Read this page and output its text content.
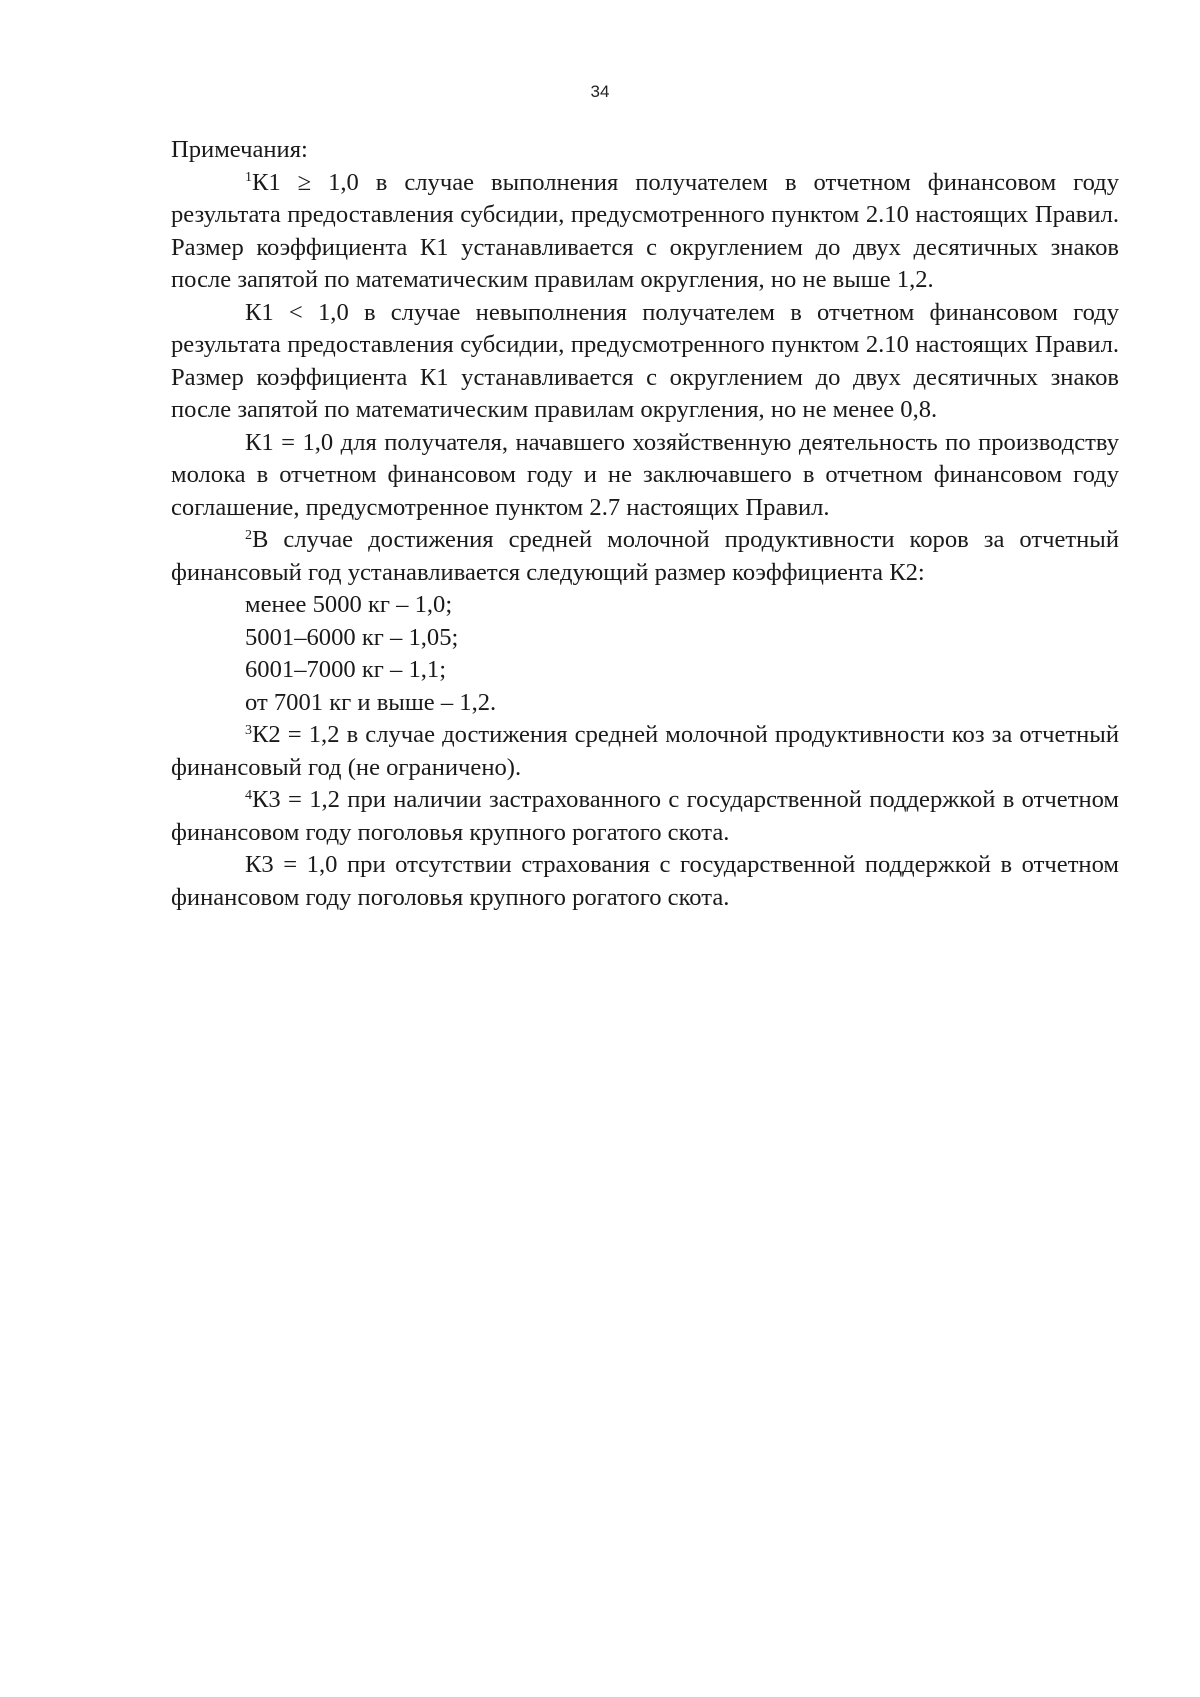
34

Примечания:

$^1$К1 ≥ 1,0 в случае выполнения получателем в отчетном финансовом году результата предоставления субсидии, предусмотренного пунктом 2.10 настоящих Правил. Размер коэффициента К1 устанавливается с округлением до двух десятичных знаков после запятой по математическим правилам округления, но не выше 1,2.

К1 < 1,0 в случае невыполнения получателем в отчетном финансовом году результата предоставления субсидии, предусмотренного пунктом 2.10 настоящих Правил. Размер коэффициента К1 устанавливается с округлением до двух десятичных знаков после запятой по математическим правилам округления, но не менее 0,8.

К1 = 1,0 для получателя, начавшего хозяйственную деятельность по производству молока в отчетном финансовом году и не заключавшего в отчетном финансовом году соглашение, предусмотренное пунктом 2.7 настоящих Правил.

$^2$В случае достижения средней молочной продуктивности коров за отчетный финансовый год устанавливается следующий размер коэффициента К2:

менее 5000 кг – 1,0;

5001–6000 кг – 1,05;

6001–7000 кг – 1,1;

от 7001 кг и выше – 1,2.

$^3$К2 = 1,2 в случае достижения средней молочной продуктивности коз за отчетный финансовый год (не ограничено).

$^4$К3 = 1,2 при наличии застрахованного с государственной поддержкой в отчетном финансовом году поголовья крупного рогатого скота.

К3 = 1,0 при отсутствии страхования с государственной поддержкой в отчетном финансовом году поголовья крупного рогатого скота.
